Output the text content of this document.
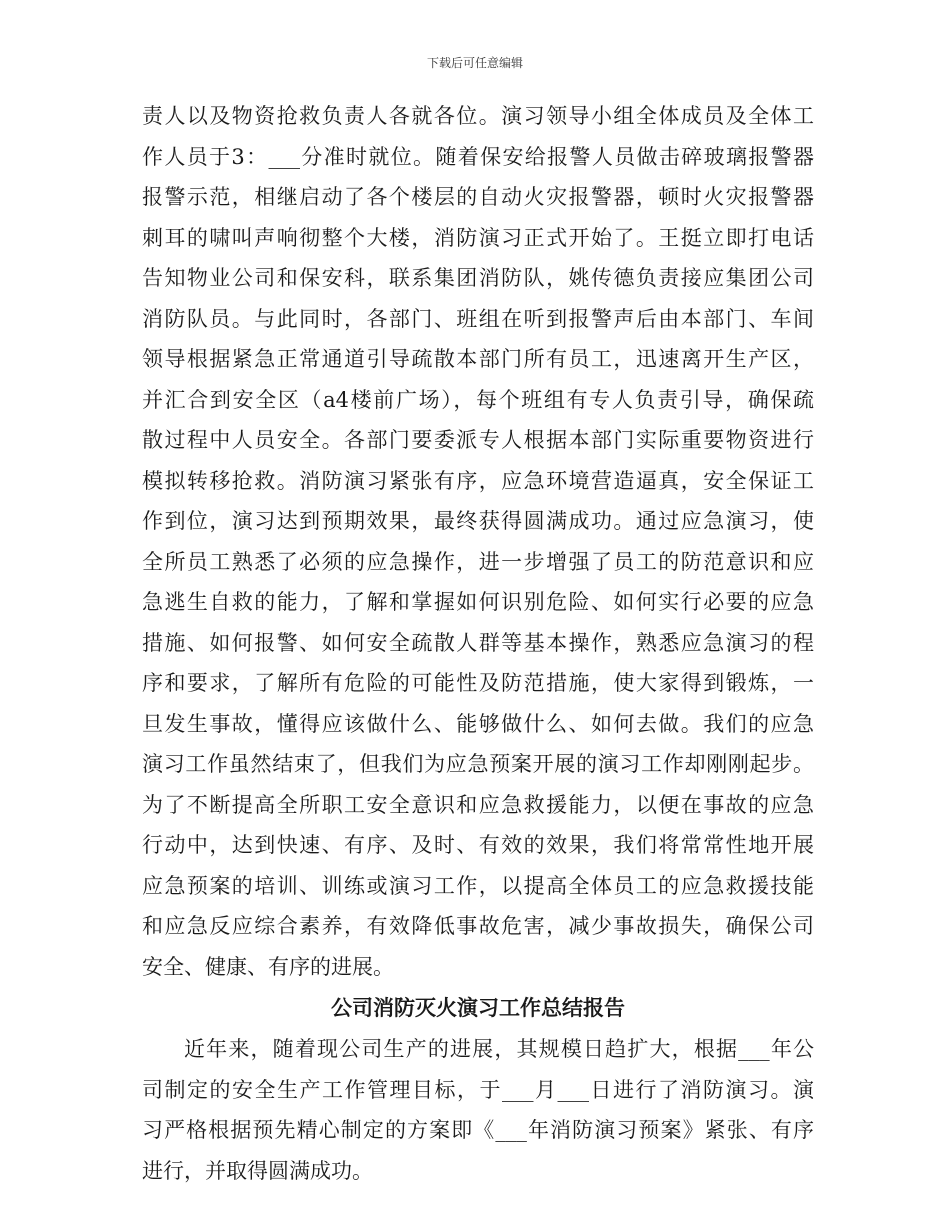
下载后可任意编辑
责人以及物资抢救负责人各就各位。演习领导小组全体成员及全体工
作人员于3：___分准时就位。随着保安给报警人员做击碎玻璃报警器
报警示范，相继启动了各个楼层的自动火灾报警器，顿时火灾报警器
刺耳的啸叫声响彻整个大楼，消防演习正式开始了。王挺立即打电话
告知物业公司和保安科，联系集团消防队，姚传德负责接应集团公司
消防队员。与此同时，各部门、班组在听到报警声后由本部门、车间
领导根据紧急正常通道引导疏散本部门所有员工，迅速离开生产区，
并汇合到安全区（a4楼前广场），每个班组有专人负责引导，确保疏
散过程中人员安全。各部门要委派专人根据本部门实际重要物资进行
模拟转移抢救。消防演习紧张有序，应急环境营造逼真，安全保证工
作到位，演习达到预期效果，最终获得圆满成功。通过应急演习，使
全所员工熟悉了必须的应急操作，进一步增强了员工的防范意识和应
急逃生自救的能力，了解和掌握如何识别危险、如何实行必要的应急
措施、如何报警、如何安全疏散人群等基本操作，熟悉应急演习的程
序和要求，了解所有危险的可能性及防范措施，使大家得到锻炼，一
旦发生事故，懂得应该做什么、能够做什么、如何去做。我们的应急
演习工作虽然结束了，但我们为应急预案开展的演习工作却刚刚起步。
为了不断提高全所职工安全意识和应急救援能力，以便在事故的应急
行动中，达到快速、有序、及时、有效的效果，我们将常常性地开展
应急预案的培训、训练或演习工作，以提高全体员工的应急救援技能
和应急反应综合素养，有效降低事故危害，减少事故损失，确保公司
安全、健康、有序的进展。
公司消防灭火演习工作总结报告
近年来，随着现公司生产的进展，其规模日趋扩大，根据___年公
司制定的安全生产工作管理目标，于___月___日进行了消防演习。演
习严格根据预先精心制定的方案即《___年消防演习预案》紧张、有序
进行，并取得圆满成功。
